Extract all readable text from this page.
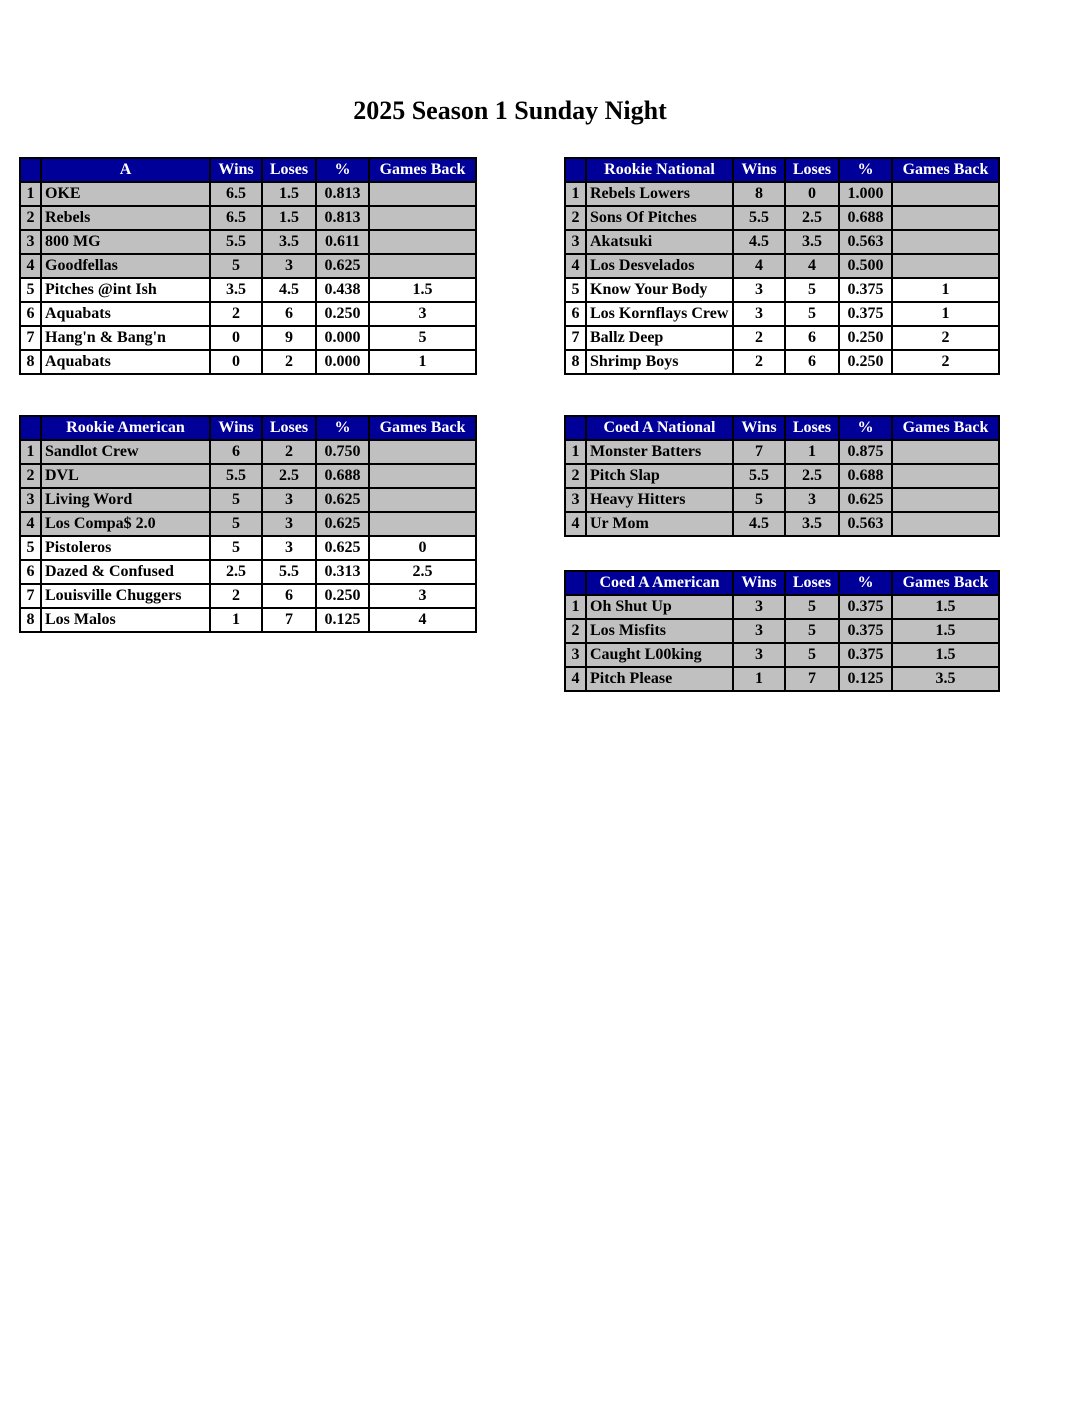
2025 Season 1 Sunday Night
	A	Wins	Loses	%	Games Back
1	OKE	6.5	1.5	0.813	
2	Rebels	6.5	1.5	0.813	
3	800 MG	5.5	3.5	0.611	
4	Goodfellas	5	3	0.625	
5	Pitches @int Ish	3.5	4.5	0.438	1.5
6	Aquabats	2	6	0.250	3
7	Hang'n & Bang'n	0	9	0.000	5
8	Aquabats	0	2	0.000	1
	Rookie National	Wins	Loses	%	Games Back
1	Rebels Lowers	8	0	1.000	
2	Sons Of Pitches	5.5	2.5	0.688	
3	Akatsuki	4.5	3.5	0.563	
4	Los Desvelados	4	4	0.500	
5	Know Your Body	3	5	0.375	1
6	Los Kornflays Crew	3	5	0.375	1
7	Ballz Deep	2	6	0.250	2
8	Shrimp Boys	2	6	0.250	2
	Rookie American	Wins	Loses	%	Games Back
1	Sandlot Crew	6	2	0.750	
2	DVL	5.5	2.5	0.688	
3	Living Word	5	3	0.625	
4	Los Compa$ 2.0	5	3	0.625	
5	Pistoleros	5	3	0.625	0
6	Dazed & Confused	2.5	5.5	0.313	2.5
7	Louisville Chuggers	2	6	0.250	3
8	Los Malos	1	7	0.125	4
	Coed A National	Wins	Loses	%	Games Back
1	Monster Batters	7	1	0.875	
2	Pitch Slap	5.5	2.5	0.688	
3	Heavy Hitters	5	3	0.625	
4	Ur Mom	4.5	3.5	0.563	
	Coed A American	Wins	Loses	%	Games Back
1	Oh Shut Up	3	5	0.375	1.5
2	Los Misfits	3	5	0.375	1.5
3	Caught L00king	3	5	0.375	1.5
4	Pitch Please	1	7	0.125	3.5
